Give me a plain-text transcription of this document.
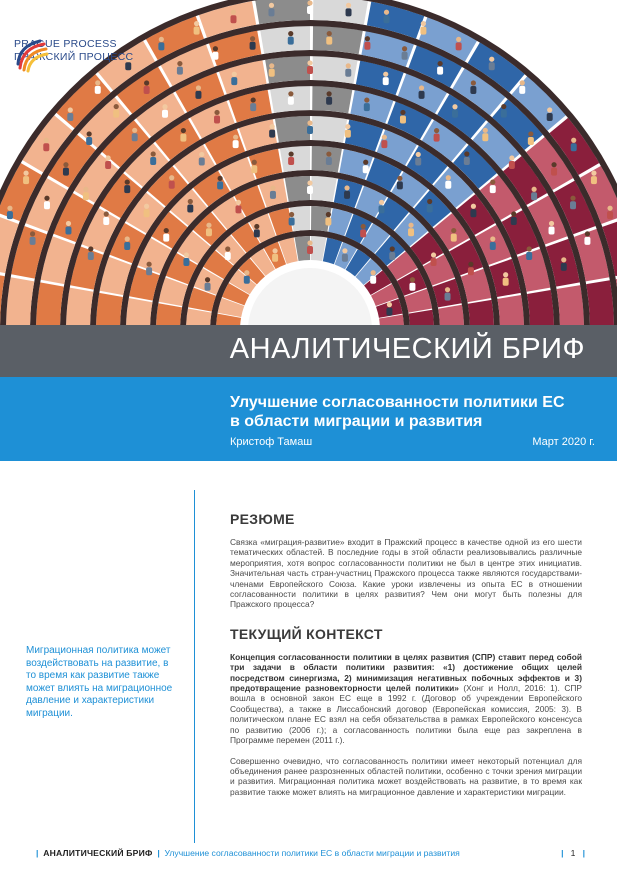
PRAGUE PROCESS
ПРАЖСКИЙ ПРОЦЕСС
АНАЛИТИЧЕСКИЙ БРИФ
Улучшение согласованности политики ЕС в области миграции и развития
Кристоф Тамаш	Март 2020 г.
Миграционная политика может воздействовать на развитие, в то время как развитие также может влиять на миграционное давление и характеристики миграции.
РЕЗЮМЕ

Связка «миграция-развитие» входит в Пражский процесс в качестве одной из его шести тематических областей. В последние годы в этой области реализовывались различные мероприятия, хотя вопрос согласованности политики не был в центре этих инициатив. Значительная часть стран-участниц Пражского процесса также являются государствами-членами Европейского Союза. Какие уроки извлечены из опыта ЕС в отношении согласованности политики в целях развития? Чем они могут быть полезны для Пражского процесса?

ТЕКУЩИЙ КОНТЕКСТ

Концепция согласованности политики в целях развития (СПР) ставит перед собой три задачи в области политики развития: «1) достижение общих целей посредством синергизма, 2) минимизация негативных побочных эффектов и 3) предотвращение разновекторности целей политики» (Хонг и Нолл, 2016: 1). СПР вошла в основной закон ЕС еще в 1992 г. (Договор об учреждении Европейского Сообщества), а также в Лиссабонский договор (Европейская комиссия, 2005: 3). В политическом плане ЕС взял на себя обязательства в рамках Европейского консенсуса по развитию (2006 г.); а согласованность политики была еще раз закреплена в Программе перемен (2011 г.).

Совершенно очевидно, что согласованность политики имеет некоторый потенциал для объединения ранее разрозненных областей политики, особенно с точки зрения миграции и развития. Миграционная политика может воздействовать на развитие, в то время как развитие также может влиять на миграционное давление и характеристики миграции.

| АНАЛИТИЧЕСКИЙ БРИФ | Улучшение согласованности политики ЕС в области миграции и развития	| 1 |
